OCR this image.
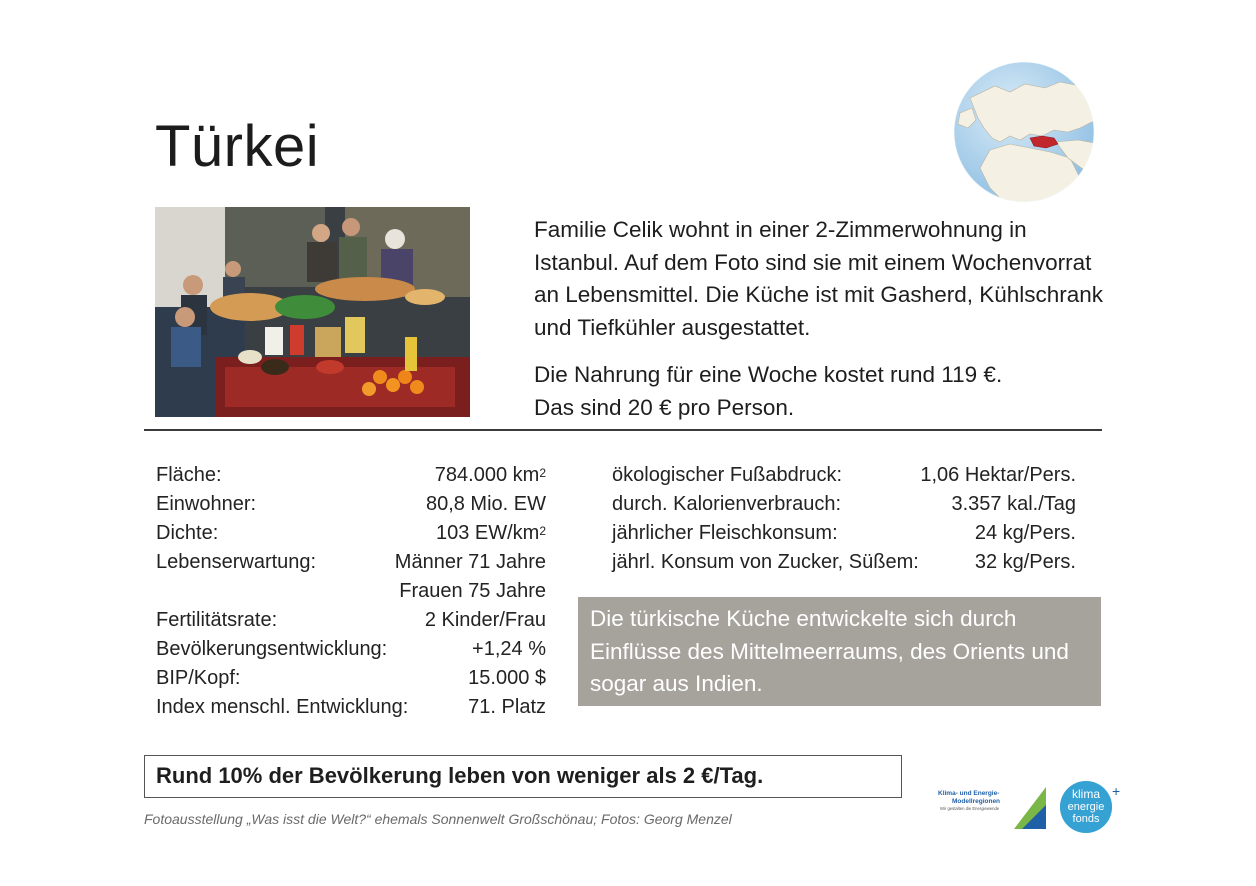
Türkei

Familie Celik wohnt in einer 2-Zimmerwohnung in Istanbul. Auf dem Foto sind sie mit einem Wochenvorrat an Lebensmittel. Die Küche ist mit Gasherd, Kühlschrank und Tiefkühler ausgestattet.

Die Nahrung für eine Woche kostet rund 119 €.

Das sind 20 € pro Person.

Fläche:	784.000 $km^2$
Einwohner:	80,8 Mio. EW
Dichte:	103 $EW/km^2$
Lebenserwartung:	Männer 71 Jahre
Frauen 75 Jahre
Fertilitätsrate:	2 Kinder/Frau
Bevölkerungsentwicklung:	+1,24 %
BIP/Kopf:	15.000 $
Index menschl. Entwicklung:	71. Platz
ökologischer Fußabdruck:	1,06 Hektar/Pers.
durch. Kalorienverbrauch:	3.357 kal./Tag
jährlicher Fleischkonsum:	24 kg/Pers.
jährl. Konsum von Zucker, Süßem:	32 kg/Pers.
Die türkische Küche entwickelte sich durch Einflüsse des Mittelmeerraums, des Orients und sogar aus Indien.
Rund 10% der Bevölkerung leben von weniger als 2 €/Tag.
Fotoausstellung „Was isst die Welt?“ ehemals Sonnenwelt Großschönau; Fotos: Georg Menzel
Klima- und Energie-
Modellregionen
Wir gestalten die Energiewende
klima
energie
fonds
+
